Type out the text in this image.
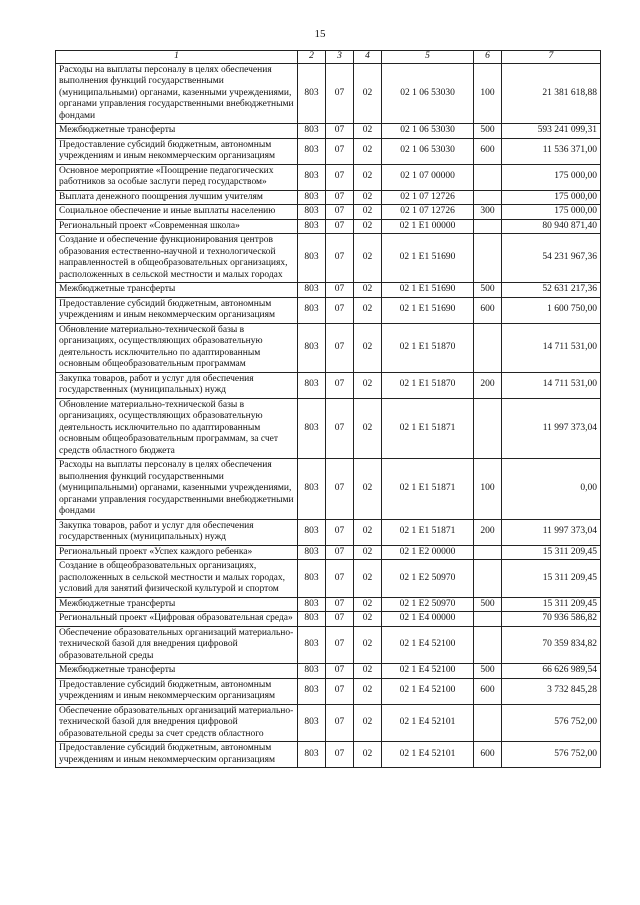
15
1	2	3	4	5	6	7
Расходы на выплаты персоналу в целях обеспечения выполнения функций государственными (муниципальными) органами, казенными учреждениями, органами управления государственными внебюджетными фондами	803	07	02	02 1 06 53030	100	21 381 618,88
Межбюджетные трансферты	803	07	02	02 1 06 53030	500	593 241 099,31
Предоставление субсидий бюджетным, автономным учреждениям и иным некоммерческим организациям	803	07	02	02 1 06 53030	600	11 536 371,00
Основное мероприятие «Поощрение педагогических работников за особые заслуги перед государством»	803	07	02	02 1 07 00000		175 000,00
Выплата денежного поощрения лучшим учителям	803	07	02	02 1 07 12726		175 000,00
Социальное обеспечение и иные выплаты населению	803	07	02	02 1 07 12726	300	175 000,00
Региональный проект «Современная школа»	803	07	02	02 1 E1 00000		80 940 871,40
Создание и обеспечение функционирования центров образования естественно-научной и технологической направленностей в общеобразовательных организациях, расположенных в сельской местности и малых городах	803	07	02	02 1 E1 51690		54 231 967,36
Межбюджетные трансферты	803	07	02	02 1 E1 51690	500	52 631 217,36
Предоставление субсидий бюджетным, автономным учреждениям и иным некоммерческим организациям	803	07	02	02 1 E1 51690	600	1 600 750,00
Обновление материально-технической базы в организациях, осуществляющих образовательную деятельность исключительно по адаптированным основным общеобразовательным программам	803	07	02	02 1 E1 51870		14 711 531,00
Закупка товаров, работ и услуг для обеспечения государственных (муниципальных) нужд	803	07	02	02 1 E1 51870	200	14 711 531,00
Обновление материально-технической базы в организациях, осуществляющих образовательную деятельность исключительно по адаптированным основным общеобразовательным программам, за счет средств областного бюджета	803	07	02	02 1 E1 51871		11 997 373,04
Расходы на выплаты персоналу в целях обеспечения выполнения функций государственными (муниципальными) органами, казенными учреждениями, органами управления государственными внебюджетными фондами	803	07	02	02 1 E1 51871	100	0,00
Закупка товаров, работ и услуг для обеспечения государственных (муниципальных) нужд	803	07	02	02 1 E1 51871	200	11 997 373,04
Региональный проект «Успех каждого ребенка»	803	07	02	02 1 E2 00000		15 311 209,45
Создание в общеобразовательных организациях, расположенных в сельской местности и малых городах, условий для занятий физической культурой и спортом	803	07	02	02 1 E2 50970		15 311 209,45
Межбюджетные трансферты	803	07	02	02 1 E2 50970	500	15 311 209,45
Региональный проект «Цифровая образовательная среда»	803	07	02	02 1 E4 00000		70 936 586,82
Обеспечение образовательных организаций материально-технической базой для внедрения цифровой образовательной среды	803	07	02	02 1 E4 52100		70 359 834,82
Межбюджетные трансферты	803	07	02	02 1 E4 52100	500	66 626 989,54
Предоставление субсидий бюджетным, автономным учреждениям и иным некоммерческим организациям	803	07	02	02 1 E4 52100	600	3 732 845,28
Обеспечение образовательных организаций материально-технической базой для внедрения цифровой образовательной среды за счет средств областного	803	07	02	02 1 E4 52101		576 752,00
Предоставление субсидий бюджетным, автономным учреждениям и иным некоммерческим организациям	803	07	02	02 1 E4 52101	600	576 752,00
